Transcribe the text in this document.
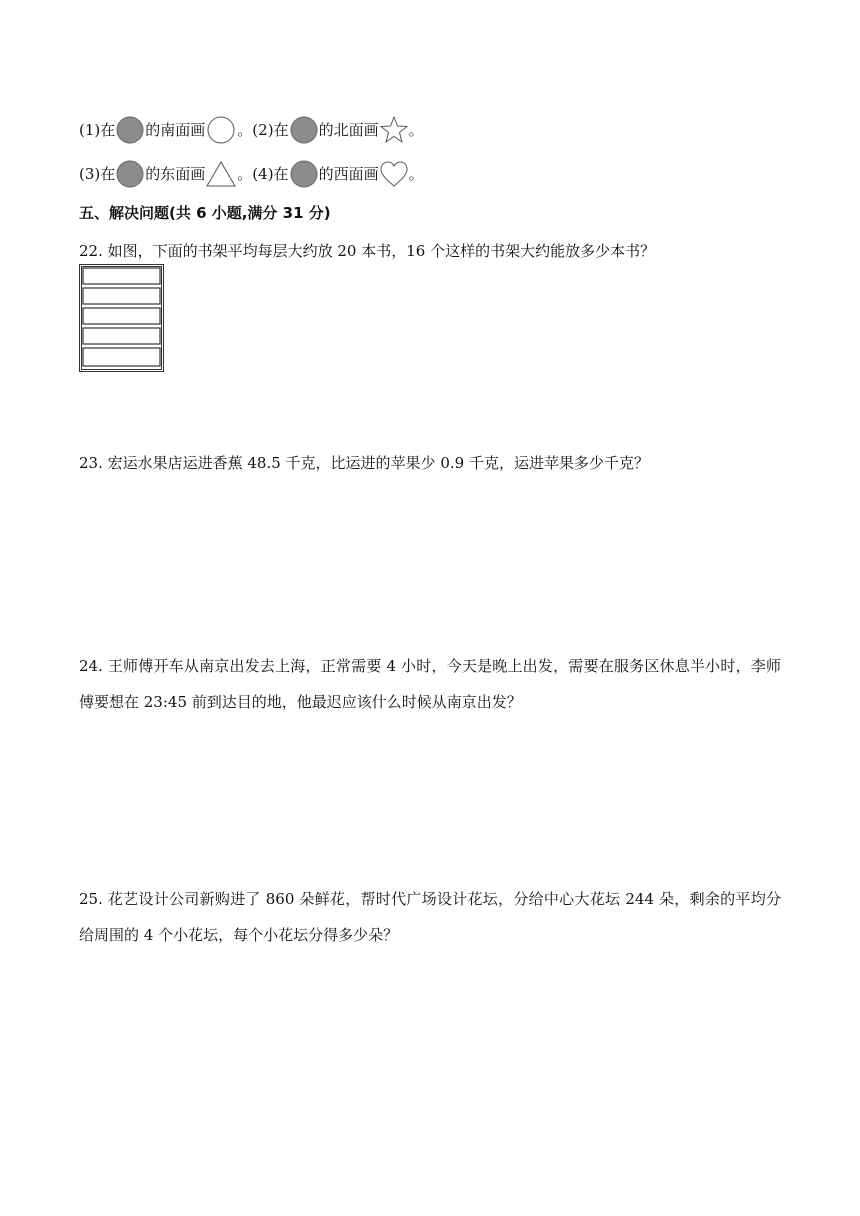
(1) 在 的南面画 。 (2) 在 的北面画 。
(3) 在 的东面画 。 (4) 在 的西面画 。
五、解决问题(共 6 小题,满分 31 分)
22. 如图，下面的书架平均每层大约放 20 本书，16 个这样的书架大约能放多少本书？
23. 宏运水果店运进香蕉 48.5 千克，比运进的苹果少 0.9 千克，运进苹果多少千克？
24. 王师傅开车从南京出发去上海，正常需要 4 小时，今天是晚上出发，需要在服务区休息半小时，李师傅要想在 23:45 前到达目的地，他最迟应该什么时候从南京出发？
25. 花艺设计公司新购进了 860 朵鲜花，帮时代广场设计花坛，分给中心大花坛 244 朵，剩余的平均分给周围的 4 个小花坛，每个小花坛分得多少朵？
